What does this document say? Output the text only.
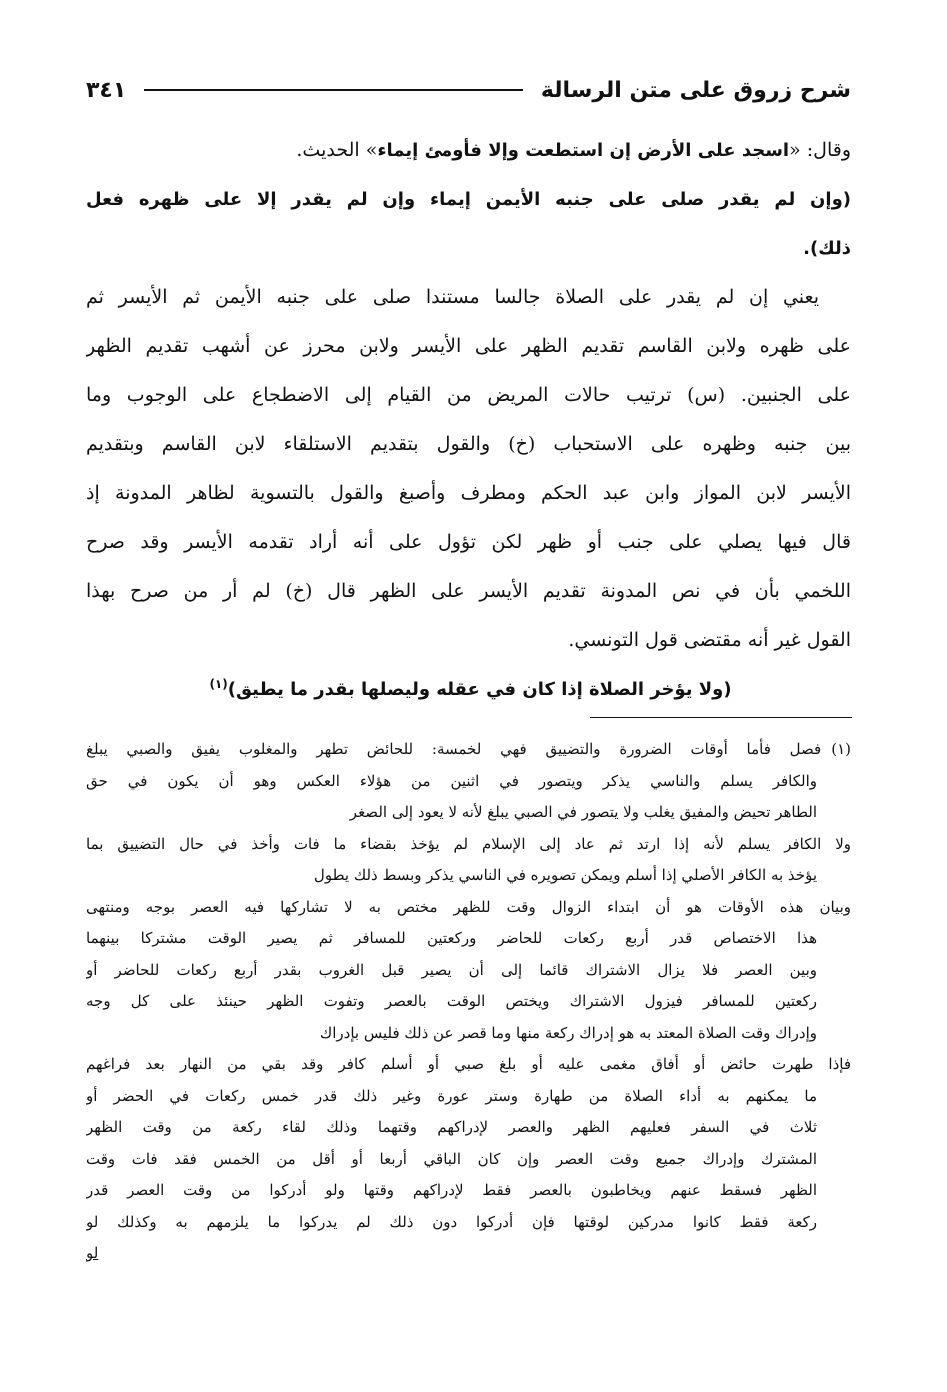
شرح زروق على متن الرسالة
٣٤١
وقال: «اسجد على الأرض إن استطعت وإلا فأومئ إيماء» الحديث.
(وإن لم يقدر صلى على جنبه الأيمن إيماء وإن لم يقدر إلا على ظهره فعل
ذلك).
يعني إن لم يقدر على الصلاة جالسا مستندا صلى على جنبه الأيمن ثم الأيسر ثم
على ظهره ولابن القاسم تقديم الظهر على الأيسر ولابن محرز عن أشهب تقديم الظهر
على الجنبين. (س) ترتيب حالات المريض من القيام إلى الاضطجاع على الوجوب وما
بين جنبه وظهره على الاستحباب (خ) والقول بتقديم الاستلقاء لابن القاسم وبتقديم
الأيسر لابن المواز وابن عبد الحكم ومطرف وأصبغ والقول بالتسوية لظاهر المدونة إذ
قال فيها يصلي على جنب أو ظهر لكن تؤول على أنه أراد تقدمه الأيسر وقد صرح
اللخمي بأن في نص المدونة تقديم الأيسر على الظهر قال (خ) لم أر من صرح بهذا
القول غير أنه مقتضى قول التونسي.
(ولا يؤخر الصلاة إذا كان في عقله وليصلها بقدر ما يطيق)$^{(١)}$
(١)فصل فأما أوقات الضرورة والتضييق فهي لخمسة: للحائض تطهر والمغلوب يفيق والصبي يبلغ
والكافر يسلم والناسي يذكر ويتصور في اثنين من هؤلاء العكس وهو أن يكون في حق
الطاهر تحيض والمفيق يغلب ولا يتصور في الصبي يبلغ لأنه لا يعود إلى الصغر
ولا الكافر يسلم لأنه إذا ارتد ثم عاد إلى الإسلام لم يؤخذ بقضاء ما فات وأخذ في حال التضييق بما
يؤخذ به الكافر الأصلي إذا أسلم ويمكن تصويره في الناسي يذكر وبسط ذلك يطول
وبيان هذه الأوقات هو أن ابتداء الزوال وقت للظهر مختص به لا تشاركها فيه العصر بوجه ومنتهى
هذا الاختصاص قدر أربع ركعات للحاضر وركعتين للمسافر ثم يصير الوقت مشتركا بينهما
وبين العصر فلا يزال الاشتراك قائما إلى أن يصير قبل الغروب بقدر أربع ركعات للحاضر أو
ركعتين للمسافر فيزول الاشتراك ويختص الوقت بالعصر وتفوت الظهر حينئذ على كل وجه
وإدراك وقت الصلاة المعتد به هو إدراك ركعة منها وما قصر عن ذلك فليس بإدراك
فإذا طهرت حائض أو أفاق مغمى عليه أو بلغ صبي أو أسلم كافر وقد بقي من النهار بعد فراغهم
ما يمكنهم به أداء الصلاة من طهارة وستر عورة وغير ذلك قدر خمس ركعات في الحضر أو
ثلاث في السفر فعليهم الظهر والعصر لإدراكهم وقتهما وذلك لقاء ركعة من وقت الظهر
المشترك وإدراك جميع وقت العصر وإن كان الباقي أربعا أو أقل من الخمس فقد فات وقت
الظهر فسقط عنهم ويخاطبون بالعصر فقط لإدراكهم وقتها ولو أدركوا من وقت العصر قدر
ركعة فقط كانوا مدركين لوقتها فإن أدركوا دون ذلك لم يدركوا ما يلزمهم به وكذلك لو
لو
